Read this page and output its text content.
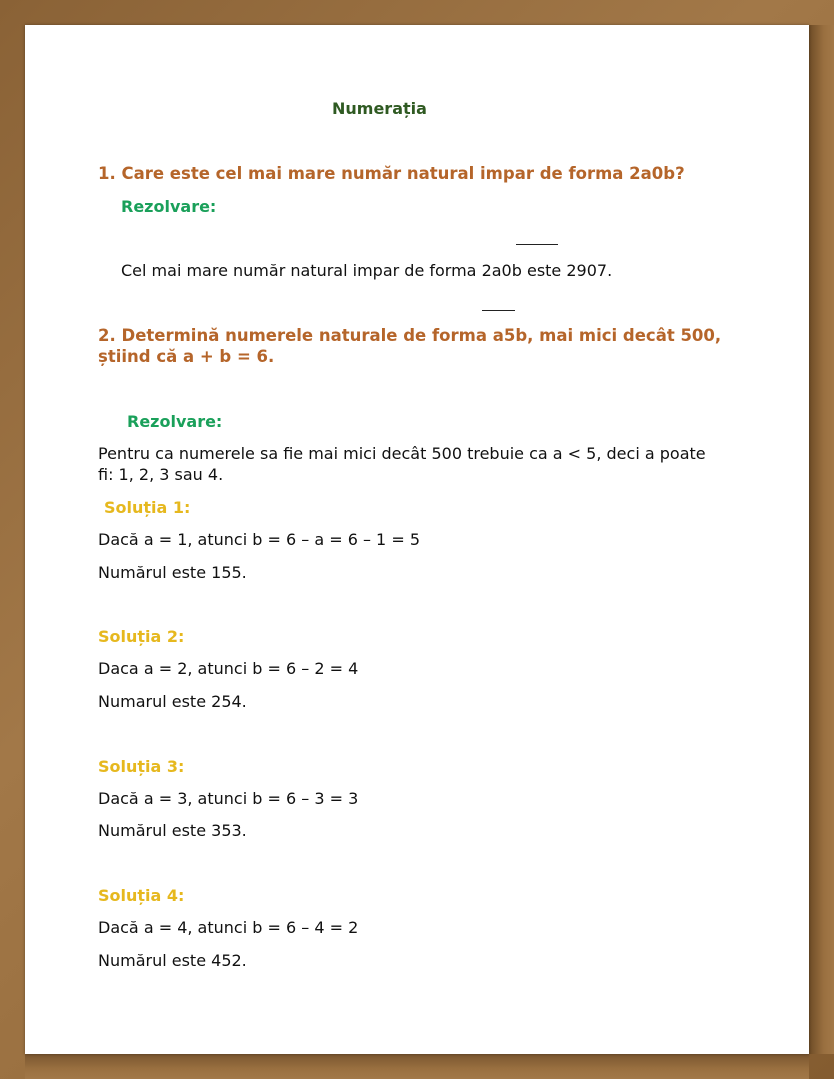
Numerația
1. Care este cel mai mare număr natural impar de forma 2a0b?
Rezolvare:
Cel mai mare număr natural impar de forma 2a0b este 2907.
2. Determină numerele naturale de forma a5b, mai mici decât 500,
știind că a + b = 6.
Rezolvare:
Pentru ca numerele sa fie mai mici decât 500 trebuie ca a < 5, deci a poate
fi: 1, 2, 3 sau 4.
Soluția 1:
Dacă a = 1, atunci b = 6 – a = 6 – 1 = 5
Numărul este 155.
Soluția 2:
Daca a = 2, atunci b = 6 – 2 = 4
Numarul este 254.
Soluția 3:
Dacă a = 3, atunci b = 6 – 3 = 3
Numărul este 353.
Soluția 4:
Dacă a = 4, atunci b = 6 – 4 = 2
Numărul este 452.
